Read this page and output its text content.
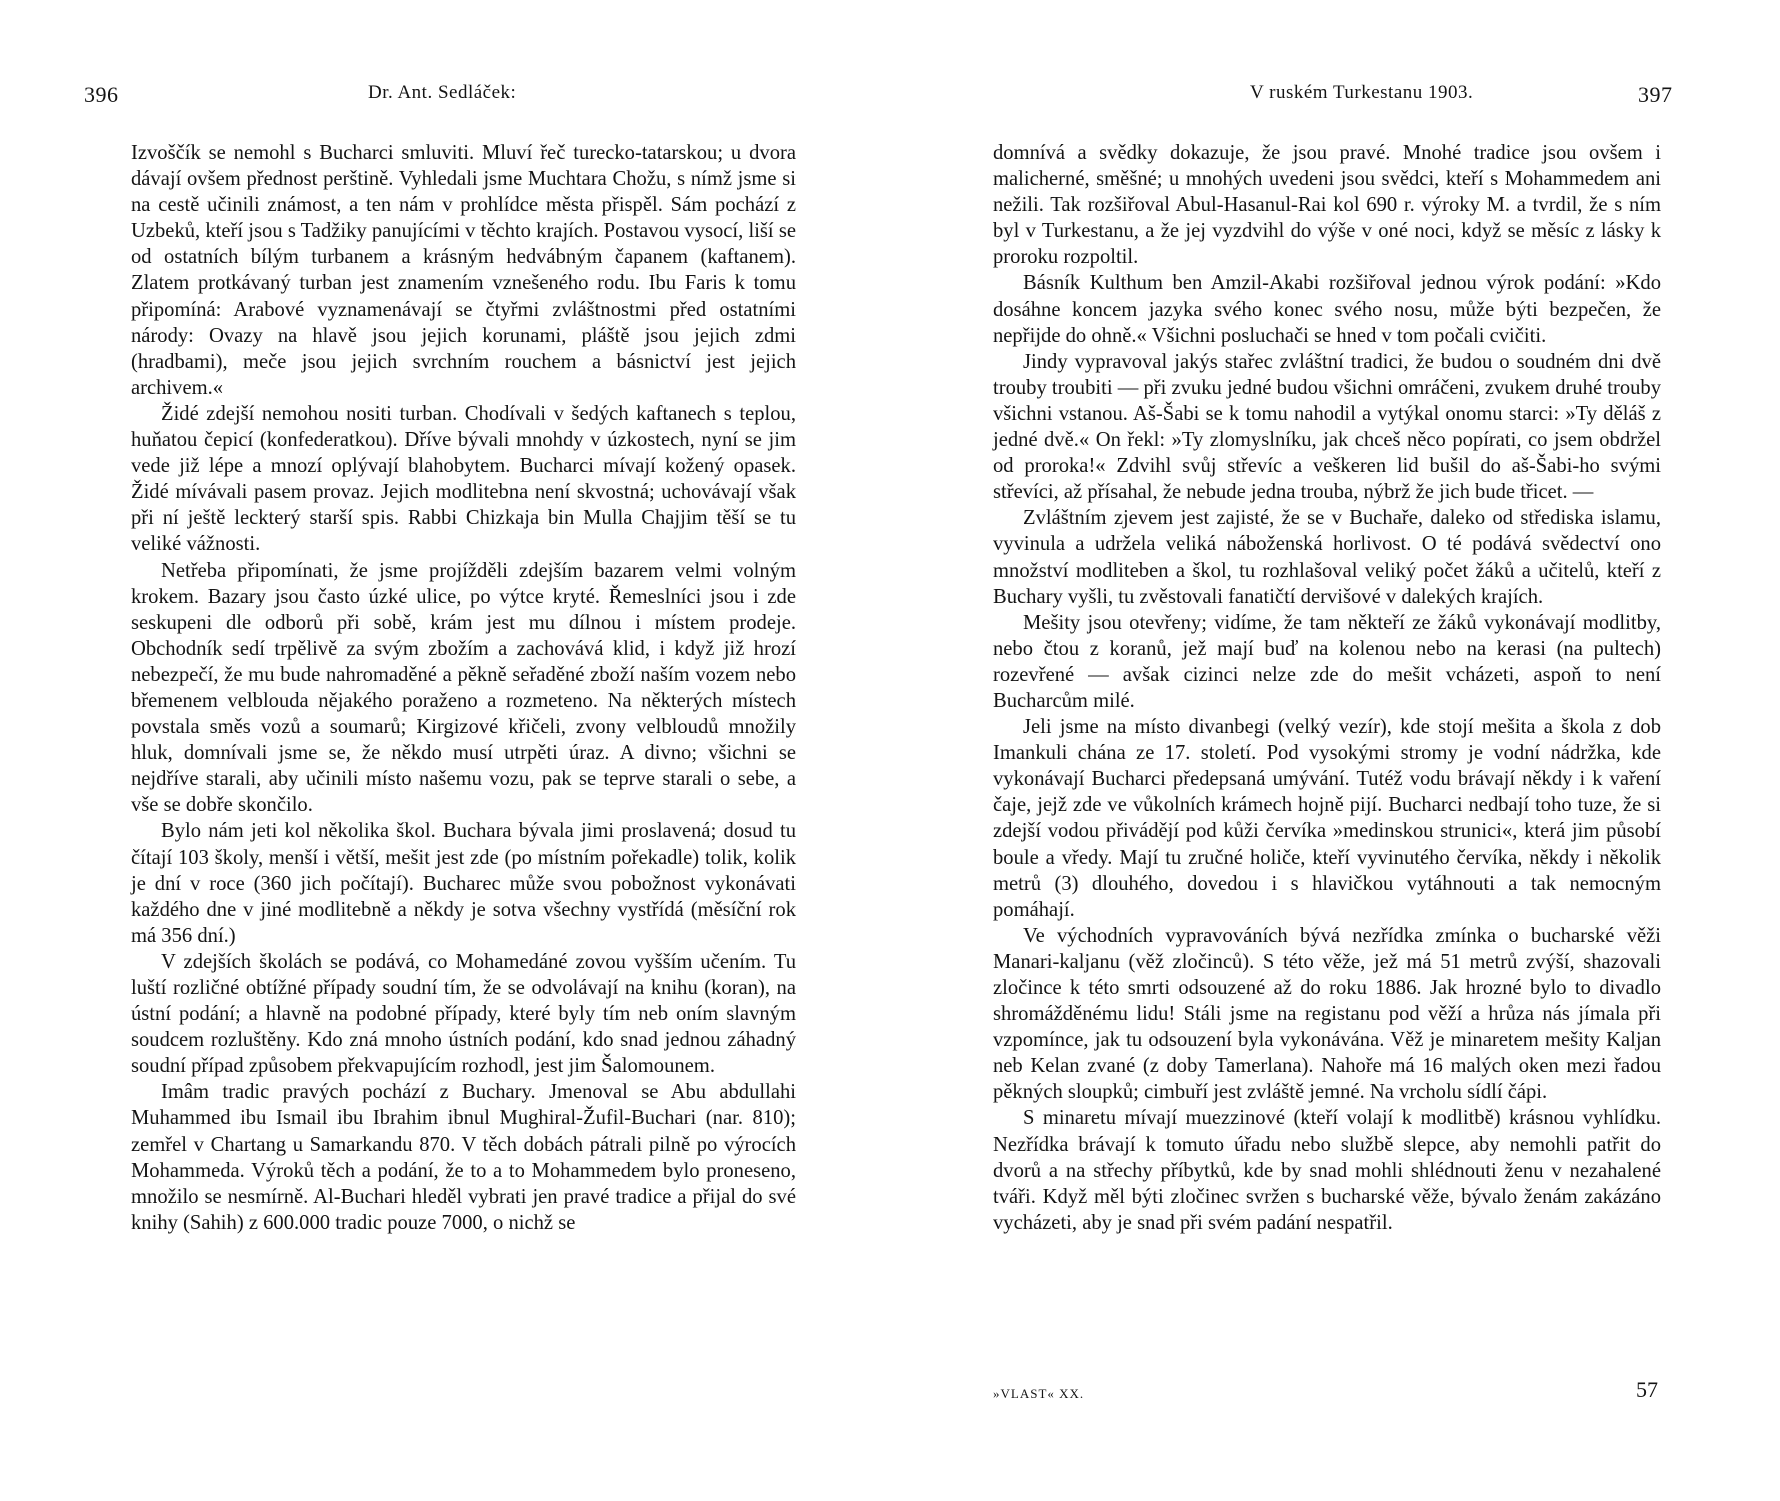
396	Dr. Ant. Sedláček:

Izvoščík se nemohl s Bucharci smluviti. Mluví řeč turecko-tatarskou; u dvora dávají ovšem přednost perštině. Vyhledali jsme Muchtara Chožu, s nímž jsme si na cestě učinili známost, a ten nám v prohlídce města přispěl. Sám pochází z Uzbeků, kteří jsou s Tadžiky panujícími v těchto krajích. Postavou vysocí, liší se od ostatních bílým turbanem a krásným hedvábným čapanem (kaftanem). Zlatem protkávaný turban jest znamením vznešeného rodu. Ibu Faris k tomu připomíná: Arabové vyznamenávají se čtyřmi zvláštnostmi před ostatními národy: Ovazy na hlavě jsou jejich korunami, pláště jsou jejich zdmi (hradbami), meče jsou jejich svrchním rouchem a básnictví jest jejich archivem.«

Židé zdejší nemohou nositi turban. Chodívali v šedých kaftanech s teplou, huňatou čepicí (konfederatkou). Dříve bývali mnohdy v úzkostech, nyní se jim vede již lépe a mnozí oplývají blahobytem. Bucharci mívají kožený opasek. Židé mívávali pasem provaz. Jejich modlitebna není skvostná; uchovávají však při ní ještě leckterý starší spis. Rabbi Chizkaja bin Mulla Chajjim těší se tu veliké vážnosti.

Netřeba připomínati, že jsme projížděli zdejším bazarem velmi volným krokem. Bazary jsou často úzké ulice, po výtce kryté. Řemeslníci jsou i zde seskupeni dle odborů při sobě, krám jest mu dílnou i místem prodeje. Obchodník sedí trpělivě za svým zbožím a zachovává klid, i když již hrozí nebezpečí, že mu bude nahromaděné a pěkně seřaděné zboží naším vozem nebo břemenem velblouda nějakého poraženo a rozmeteno. Na některých místech povstala směs vozů a soumarů; Kirgizové křičeli, zvony velbloudů množily hluk, domnívali jsme se, že někdo musí utrpěti úraz. A divno; všichni se nejdříve starali, aby učinili místo našemu vozu, pak se teprve starali o sebe, a vše se dobře skončilo.

Bylo nám jeti kol několika škol. Buchara bývala jimi proslavená; dosud tu čítají 103 školy, menší i větší, mešit jest zde (po místním pořekadle) tolik, kolik je dní v roce (360 jich počítají). Bucharec může svou pobožnost vykonávati každého dne v jiné modlitebně a někdy je sotva všechny vystřídá (měsíční rok má 356 dní.)

V zdejších školách se podává, co Mohamedáné zovou vyšším učením. Tu luští rozličné obtížné případy soudní tím, že se odvolávají na knihu (koran), na ústní podání; a hlavně na podobné případy, které byly tím neb oním slavným soudcem rozluštěny. Kdo zná mnoho ústních podání, kdo snad jednou záhadný soudní případ způsobem překvapujícím rozhodl, jest jim Šalomounem.

Imâm tradic pravých pochází z Buchary. Jmenoval se Abu abdullahi Muhammed ibu Ismail ibu Ibrahim ibnul Mughiral-Žufil-Buchari (nar. 810); zemřel v Chartang u Samarkandu 870. V těch dobách pátrali pilně po výrocích Mohammeda. Výroků těch a podání, že to a to Mohammedem bylo proneseno, množilo se nesmírně. Al-Buchari hleděl vybrati jen pravé tradice a přijal do své knihy (Sahih) z 600.000 tradic pouze 7000, o nichž se

V ruském Turkestanu 1903.	397

domnívá a svědky dokazuje, že jsou pravé. Mnohé tradice jsou ovšem i malicherné, směšné; u mnohých uvedeni jsou svědci, kteří s Mohammedem ani nežili. Tak rozšiřoval Abul-Hasanul-Rai kol 690 r. výroky M. a tvrdil, že s ním byl v Turkestanu, a že jej vyzdvihl do výše v oné noci, když se měsíc z lásky k proroku rozpoltil.

Básník Kulthum ben Amzil-Akabi rozšiřoval jednou výrok podání: »Kdo dosáhne koncem jazyka svého konec svého nosu, může býti bezpečen, že nepřijde do ohně.« Všichni posluchači se hned v tom počali cvičiti.

Jindy vypravoval jakýs stařec zvláštní tradici, že budou o soudném dni dvě trouby troubiti — při zvuku jedné budou všichni omráčeni, zvukem druhé trouby všichni vstanou. Aš-Šabi se k tomu nahodil a vytýkal onomu starci: »Ty děláš z jedné dvě.« On řekl: »Ty zlomyslníku, jak chceš něco popírati, co jsem obdržel od proroka!« Zdvihl svůj střevíc a veškeren lid bušil do aš-Šabi-ho svými střevíci, až přísahal, že nebude jedna trouba, nýbrž že jich bude třicet. —

Zvláštním zjevem jest zajisté, že se v Buchaře, daleko od střediska islamu, vyvinula a udržela veliká náboženská horlivost. O té podává svědectví ono množství modliteben a škol, tu rozhlašoval veliký počet žáků a učitelů, kteří z Buchary vyšli, tu zvěstovali fanatičtí dervišové v dalekých krajích.

Mešity jsou otevřeny; vidíme, že tam někteří ze žáků vykonávají modlitby, nebo čtou z koranů, jež mají buď na kolenou nebo na kerasi (na pultech) rozevřené — avšak cizinci nelze zde do mešit vcházeti, aspoň to není Bucharcům milé.

Jeli jsme na místo divanbegi (velký vezír), kde stojí mešita a škola z dob Imankuli chána ze 17. století. Pod vysokými stromy je vodní nádržka, kde vykonávají Bucharci předepsaná umývání. Tutéž vodu brávají někdy i k vaření čaje, jejž zde ve vůkolních krámech hojně pijí. Bucharci nedbají toho tuze, že si zdejší vodou přivádějí pod kůži červíka »medinskou strunici«, která jim působí boule a vředy. Mají tu zručné holiče, kteří vyvinutého červíka, někdy i několik metrů (3) dlouhého, dovedou i s hlavičkou vytáhnouti a tak nemocným pomáhají.

Ve východních vypravováních bývá nezřídka zmínka o bucharské věži Manari-kaljanu (věž zločinců). S této věže, jež má 51 metrů zvýší, shazovali zločince k této smrti odsouzené až do roku 1886. Jak hrozné bylo to divadlo shromážděnému lidu! Stáli jsme na registanu pod věží a hrůza nás jímala při vzpomínce, jak tu odsouzení byla vykonávána. Věž je minaretem mešity Kaljan neb Kelan zvané (z doby Tamerlana). Nahoře má 16 malých oken mezi řadou pěkných sloupků; cimbuří jest zvláště jemné. Na vrcholu sídlí čápi.

S minaretu mívají muezzinové (kteří volají k modlitbě) krásnou vyhlídku. Nezřídka brávají k tomuto úřadu nebo službě slepce, aby nemohli patřit do dvorů a na střechy příbytků, kde by snad mohli shlédnouti ženu v nezahalené tváři. Když měl býti zločinec svržen s bucharské věže, bývalo ženám zakázáno vycházeti, aby je snad při svém padání nespatřil.

»VLAST« XX.	57
